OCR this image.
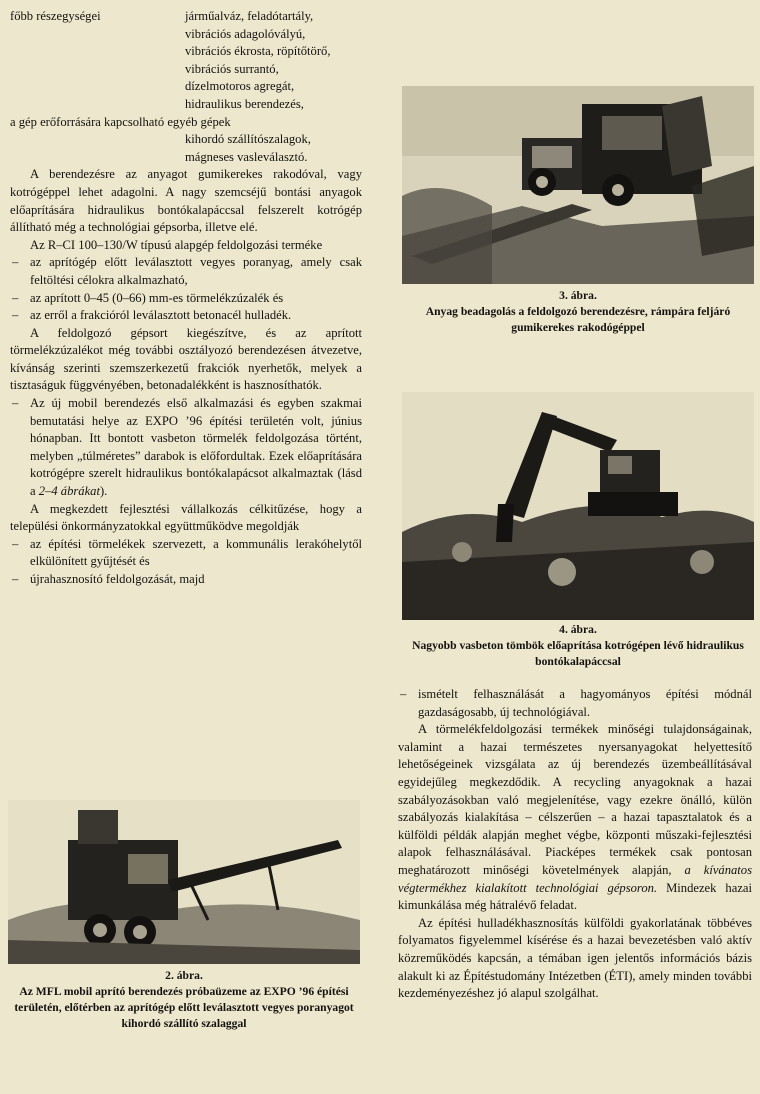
főbb részegységei	járműalváz, feladótartály,
vibrációs adagolóvályú,
vibrációs ékrosta, röpítőtörő,
vibrációs surrantó,
dízelmotoros agregát,
hidraulikus berendezés,
a gép erőforrására kapcsolható egyéb gépek
kihordó szállítószalagok,
mágneses vasleválasztó.

A berendezésre az anyagot gumikerekes rakodóval, vagy kotrógéppel lehet adagolni. A nagy szemcséjű bontási anyagok előaprítására hidraulikus bontókalapáccsal felszerelt kotrógép állítható még a technológiai gépsorba, illetve elé.

Az R–CI 100–130/W típusú alapgép feldolgozási terméke

– az aprítógép előtt leválasztott vegyes poranyag, amely csak feltöltési célokra alkalmazható,
– az aprított 0–45 (0–66) mm-es törmelékzúzalék és
– az erről a frakcióról leválasztott betonacél hulladék.

A feldolgozó gépsort kiegészítve, és az aprított törmelékzúzalékot még további osztályozó berendezésen átvezetve, kívánság szerinti szemszerkezetű frakciók nyerhetők, melyek a tisztaságuk függvényében, betonadalékként is hasznosíthatók.

– Az új mobil berendezés első alkalmazási és egyben szakmai bemutatási helye az EXPO ’96 építési területén volt, június hónapban. Itt bontott vasbeton törmelék feldolgozása történt, melyben „túlméretes” darabok is előfordultak. Ezek előaprítására kotrógépre szerelt hidraulikus bontókalapácsot alkalmaztak (lásd a 2–4 ábrákat).

A megkezdett fejlesztési vállalkozás célkitűzése, hogy a települési önkormányzatokkal együttműködve megoldják

– az építési törmelékek szervezett, a kommunális lerakóhelytől elkülönített gyűjtését és
– újrahasznosító feldolgozását, majd
3. ábra.
Anyag beadagolás a feldolgozó berendezésre, rámpára feljáró gumikerekes rakodógéppel
4. ábra.
Nagyobb vasbeton tömbök előaprítása kotrógépen lévő hidraulikus bontókalapáccsal
– ismételt felhasználását a hagyományos építési módnál gazdaságosabb, új technológiával.

A törmelékfeldolgozási termékek minőségi tulajdonságainak, valamint a hazai természetes nyersanyagokat helyettesítő lehetőségeinek vizsgálata az új berendezés üzembeállításával egyidejűleg megkezdődik. A recycling anyagoknak a hazai szabályozásokban való megjelenítése, vagy ezekre önálló, külön szabályozás kialakítása – célszerűen – a hazai tapasztalatok és a külföldi példák alapján meghet végbe, központi műszaki-fejlesztési alapok felhasználásával. Piacképes termékek csak pontosan meghatározott minőségi követelmények alapján, a kívánatos végtermékhez kialakított technológiai gépsoron. Mindezek hazai kimunkálása még hátralévő feladat.

Az építési hulladékhasznosítás külföldi gyakorlatának többéves folyamatos figyelemmel kísérése és a hazai bevezetésben való aktív közreműködés kapcsán, a témában igen jelentős információs bázis alakult ki az Építéstudomány Intézetben (ÉTI), amely minden további kezdeményezéshez jó alapul szolgálhat.

2. ábra.
Az MFL mobil aprító berendezés próbaüzeme az EXPO ’96 építési területén, előtérben az aprítógép előtt leválasztott vegyes poranyagot kihordó szállító szalaggal
